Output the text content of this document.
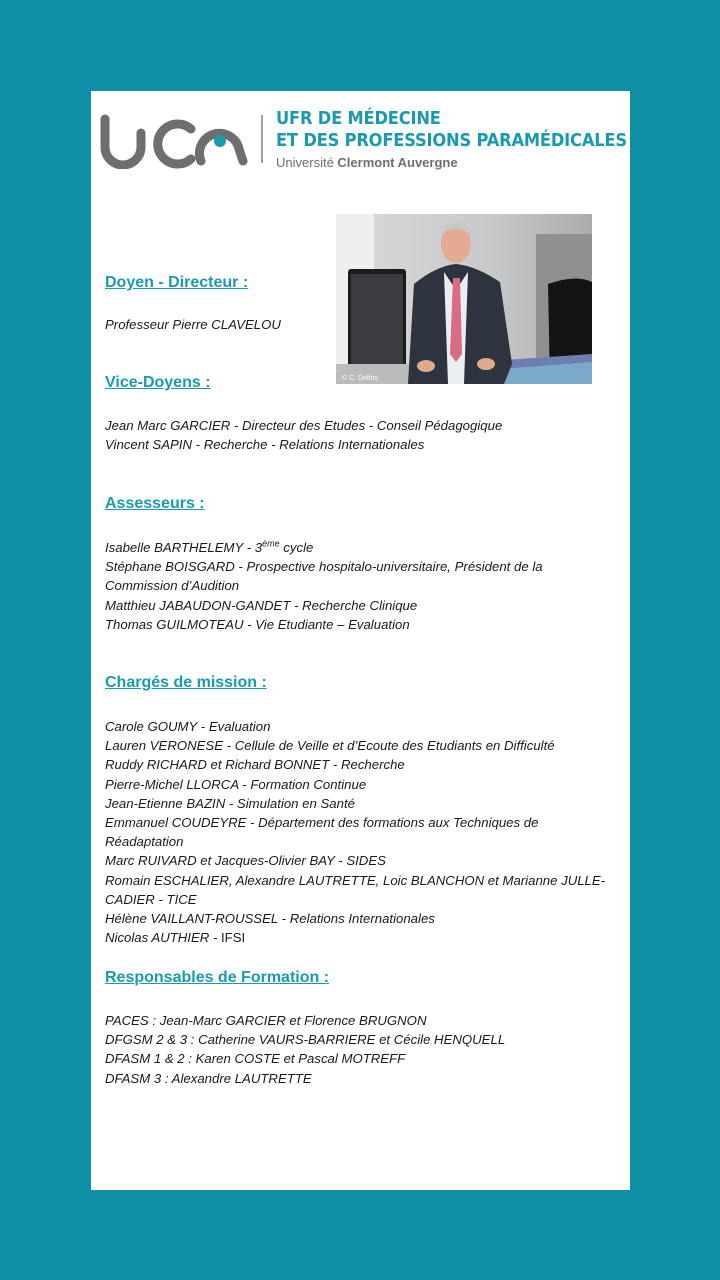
UFR DE MÉDECINE
ET DES PROFESSIONS PARAMÉDICALES
Université Clermont Auvergne
© C. Delfos
Doyen - Directeur :
Professeur Pierre CLAVELOU
Vice-Doyens :
Jean Marc GARCIER - Directeur des Etudes - Conseil Pédagogique
Vincent SAPIN - Recherche - Relations Internationales
Assesseurs :
Isabelle BARTHELEMY - 3ème cycle
Stéphane BOISGARD - Prospective hospitalo-universitaire, Président de la Commission d’Audition
Matthieu JABAUDON-GANDET - Recherche Clinique
Thomas GUILMOTEAU - Vie Etudiante – Evaluation
Chargés de mission :
Carole GOUMY - Evaluation
Lauren VERONESE - Cellule de Veille et d’Ecoute des Etudiants en Difficulté
Ruddy RICHARD et Richard BONNET - Recherche
Pierre-Michel LLORCA - Formation Continue
Jean-Etienne BAZIN - Simulation en Santé
Emmanuel COUDEYRE - Département des formations aux Techniques de Réadaptation
Marc RUIVARD et Jacques-Olivier BAY - SIDES
Romain ESCHALIER, Alexandre LAUTRETTE, Loic BLANCHON et Marianne JULLE-CADIER - TICE
Hélène VAILLANT-ROUSSEL - Relations Internationales
Nicolas AUTHIER - IFSI
Responsables de Formation :
PACES : Jean-Marc GARCIER et Florence BRUGNON
DFGSM 2 & 3 : Catherine VAURS-BARRIERE et Cécile HENQUELL
DFASM 1 & 2 : Karen COSTE et Pascal MOTREFF
DFASM 3 : Alexandre LAUTRETTE
